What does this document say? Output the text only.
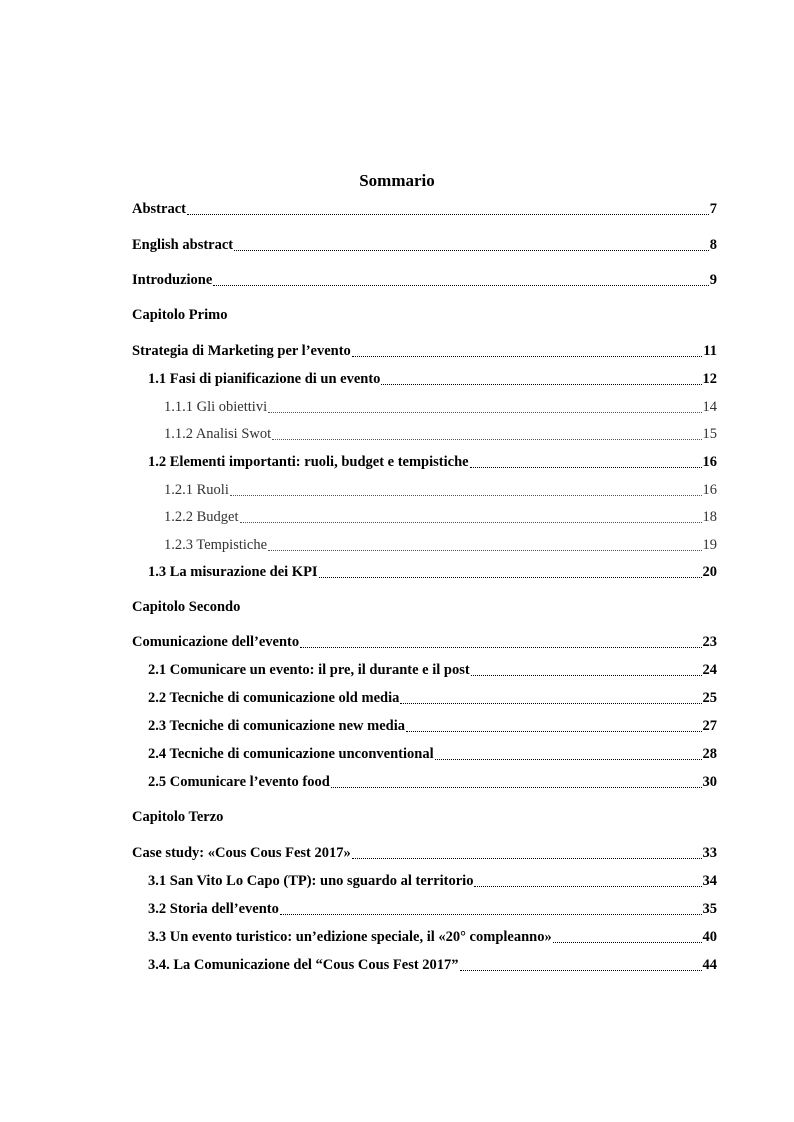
Sommario
Abstract	7
English abstract	8
Introduzione	9
Capitolo Primo
Strategia di Marketing per l’evento	11
1.1 Fasi di pianificazione di un evento	12
1.1.1 Gli obiettivi	14
1.1.2 Analisi Swot	15
1.2 Elementi importanti: ruoli, budget e tempistiche	16
1.2.1 Ruoli	16
1.2.2 Budget	18
1.2.3 Tempistiche	19
1.3 La misurazione dei KPI	20
Capitolo Secondo
Comunicazione dell’evento	23
2.1 Comunicare un evento: il pre, il durante e il post	24
2.2 Tecniche di comunicazione old media	25
2.3 Tecniche di comunicazione new media	27
2.4 Tecniche di comunicazione unconventional	28
2.5 Comunicare l’evento food	30
Capitolo Terzo
Case study: «Cous Cous Fest 2017»	33
3.1 San Vito Lo Capo (TP): uno sguardo al territorio	34
3.2 Storia dell’evento	35
3.3 Un evento turistico: un’edizione speciale, il «20° compleanno»	40
3.4. La Comunicazione del “Cous Cous Fest 2017”	44
